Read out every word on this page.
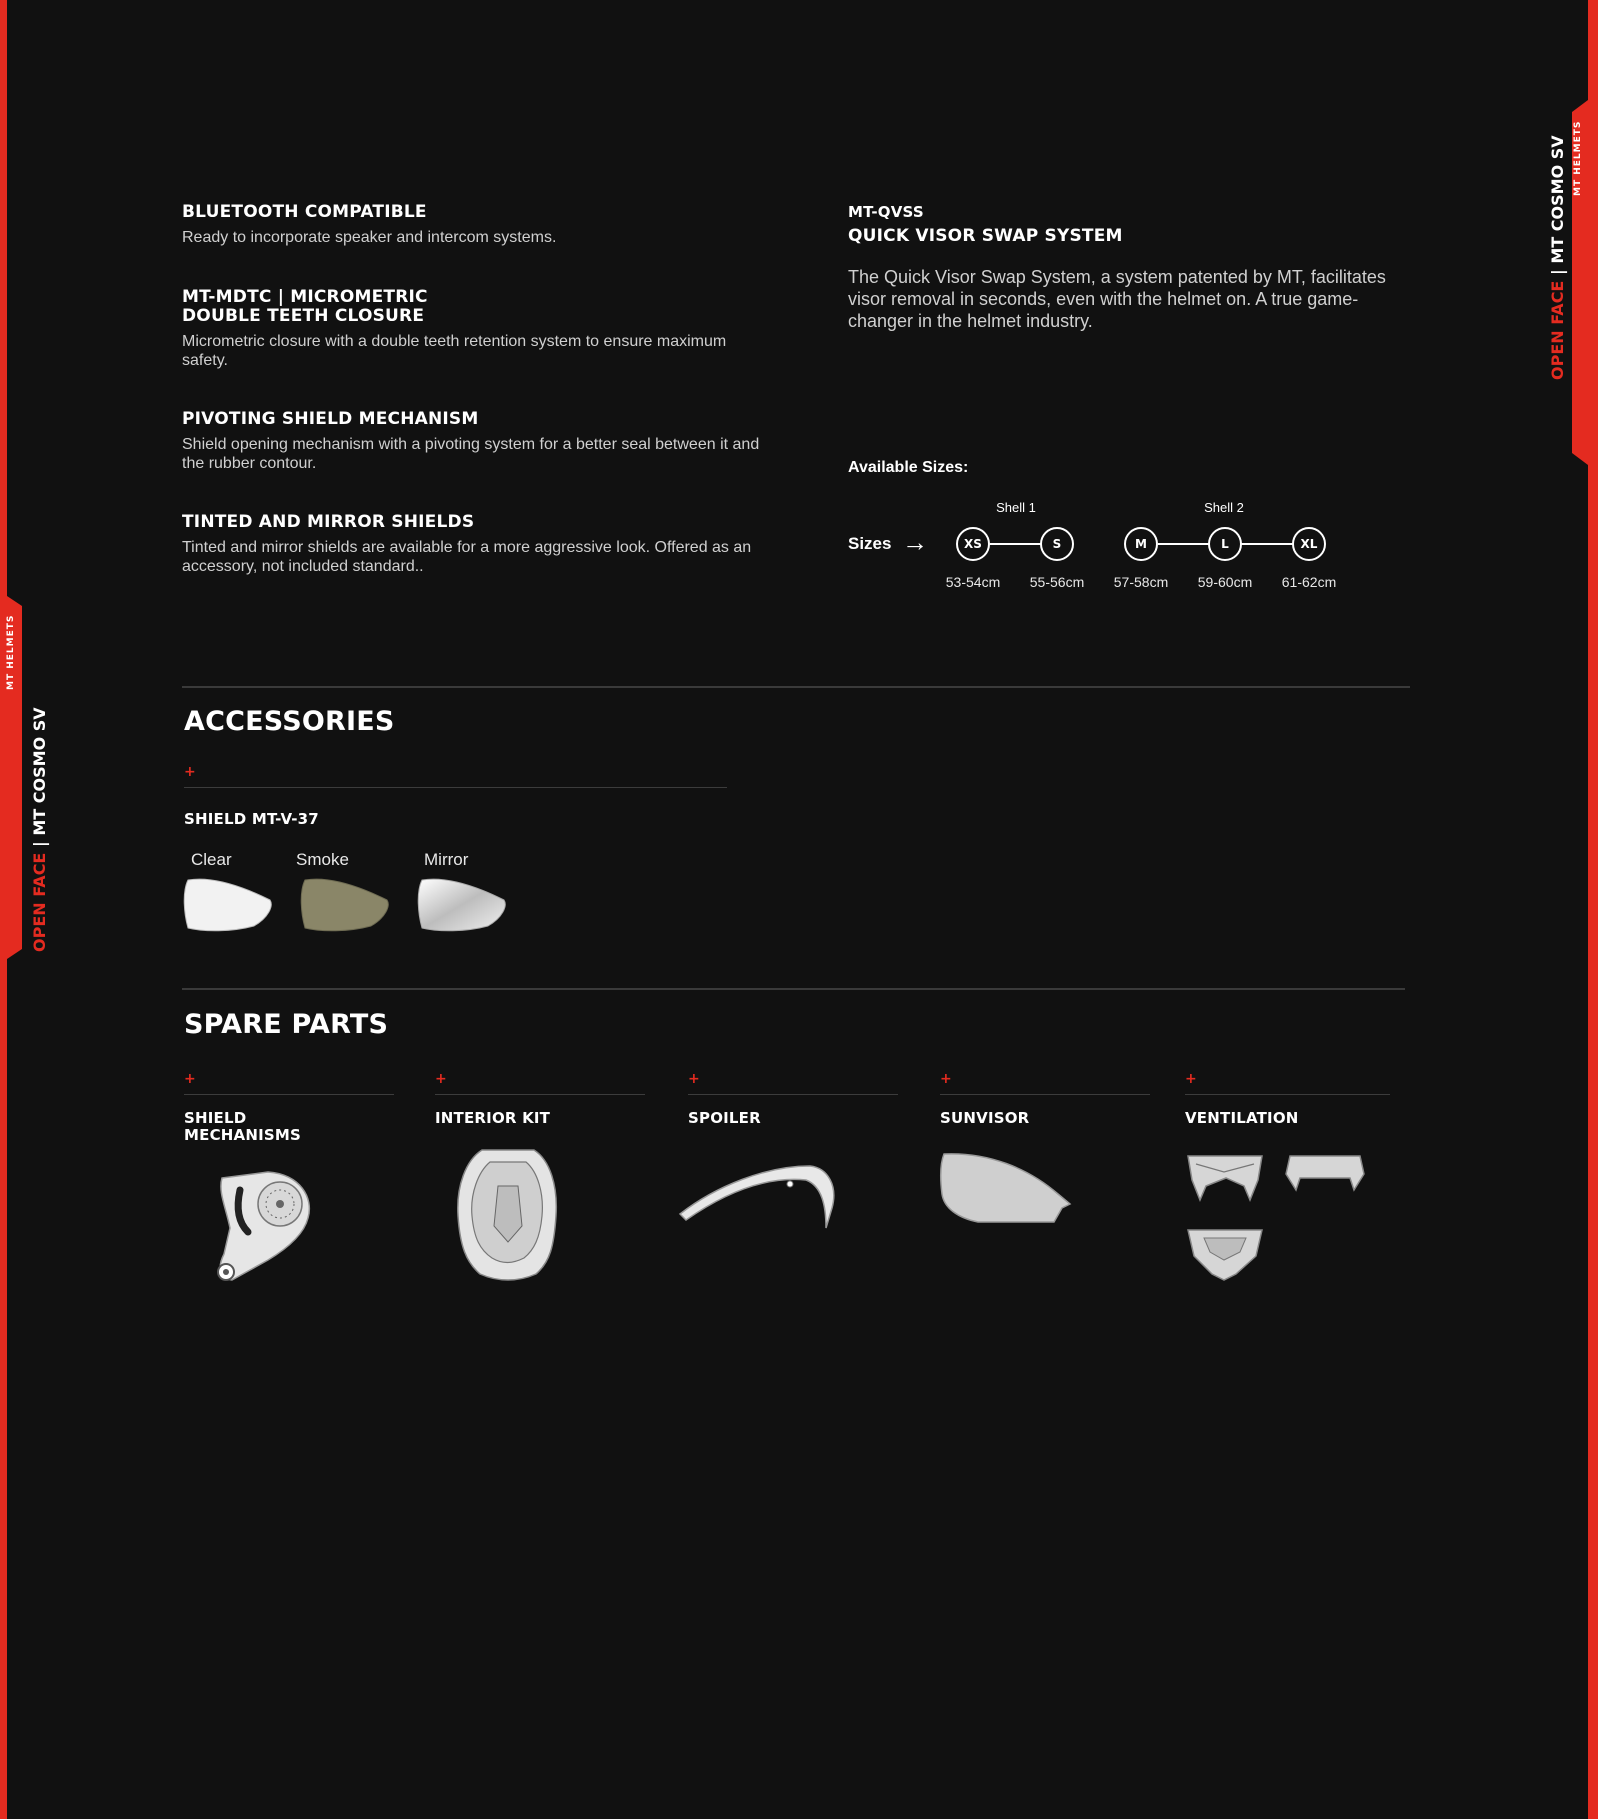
MT HELMETS
OPEN FACE | MT COSMO SV
MT HELMETS
OPEN FACE | MT COSMO SV
BLUETOOTH COMPATIBLE
Ready to incorporate speaker and intercom systems.
MT-MDTC | MICROMETRIC
DOUBLE TEETH CLOSURE
Micrometric closure with a double teeth retention system to ensure maximum safety.
PIVOTING SHIELD MECHANISM
Shield opening mechanism with a pivoting system for a better seal between it and the rubber contour.
TINTED AND MIRROR SHIELDS
Tinted and mirror shields are available for a more aggressive look. Offered as an accessory, not included standard..
MT-QVSS
QUICK VISOR SWAP SYSTEM
The Quick Visor Swap System, a system patented by MT, facilitates visor removal in seconds, even with the helmet on. A true game-changer in the helmet industry.
Available Sizes:
Sizes →
Shell 1	Shell 2
XS	S	M	L	XL
53-54cm	55-56cm	57-58cm	59-60cm	61-62cm
ACCESSORIES
+
SHIELD MT-V-37
Clear	Smoke	Mirror
SPARE PARTS
+
SHIELD
MECHANISMS
+
INTERIOR KIT
+
SPOILER
+
SUNVISOR
+
VENTILATION
